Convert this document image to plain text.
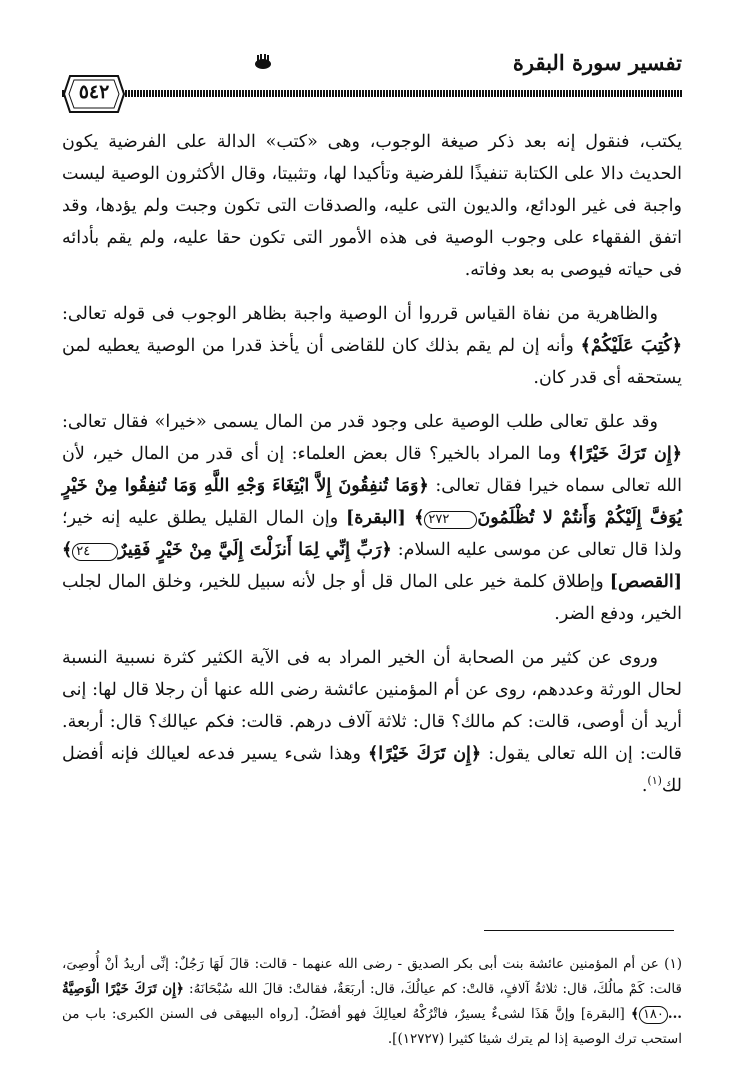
تفسير سورة البقرة
٥٤٢

يكتب، فنقول إنه بعد ذكر صيغة الوجوب، وهى «كتب» الدالة على الفرضية يكون الحديث دالا على الكتابة تنفيذًا للفرضية وتأكيدا لها، وتثبيتا، وقال الأكثرون الوصية ليست واجبة فى غير الودائع، والديون التى عليه، والصدقات التى تكون وجبت ولم يؤدها، وقد اتفق الفقهاء على وجوب الوصية فى هذه الأمور التى تكون حقا عليه، ولم يقم بأدائه فى حياته فيوصى به بعد وفاته.

والظاهرية من نفاة القياس قرروا أن الوصية واجبة بظاهر الوجوب فى قوله تعالى: ﴿كُتِبَ عَلَيْكُمْ﴾ وأنه إن لم يقم بذلك كان للقاضى أن يأخذ قدرا من الوصية يعطيه لمن يستحقه أى قدر كان.

وقد علق تعالى طلب الوصية على وجود قدر من المال يسمى «خيرا» فقال تعالى: ﴿إِن تَرَكَ خَيْرًا﴾ وما المراد بالخير؟ قال بعض العلماء: إن أى قدر من المال خير، لأن الله تعالى سماه خيرا فقال تعالى: ﴿وَمَا تُنفِقُونَ إِلاَّ ابْتِغَاءَ وَجْهِ اللَّهِ وَمَا تُنفِقُوا مِنْ خَيْرٍ يُوَفَّ إِلَيْكُمْ وَأَنتُمْ لا تُظْلَمُونَ٢٧٢﴾ [البقرة] وإن المال القليل يطلق عليه إنه خير؛ ولذا قال تعالى عن موسى عليه السلام: ﴿رَبِّ إِنِّي لِمَا أَنزَلْتَ إِلَيَّ مِنْ خَيْرٍ فَقِيرٌ٢٤﴾ [القصص] وإطلاق كلمة خير على المال قل أو جل لأنه سبيل للخير، وخلق المال لجلب الخير، ودفع الضر.

وروى عن كثير من الصحابة أن الخير المراد به فى الآية الكثير كثرة نسبية النسبة لحال الورثة وعددهم، روى عن أم المؤمنين عائشة رضى الله عنها أن رجلا قال لها: إنى أريد أن أوصى، قالت: كم مالك؟ قال: ثلاثة آلاف درهم. قالت: فكم عيالك؟ قال: أربعة. قالت: إن الله تعالى يقول: ﴿إِن تَرَكَ خَيْرًا﴾ وهذا شىء يسير فدعه لعيالك فإنه أفضل لك$^{(١)}$.

(١) عن أم المؤمنين عائشة بنت أبى بكر الصديق - رضى الله عنهما - قالت: قالَ لَهَا رَجُلٌ: إنِّى أريدُ أنْ أُوصِىَ، قالت: كَمْ مالُكَ، قال: ثلاثةُ آلافٍ، قالتْ: كم عيالُكَ، قال: أربَعَةٌ، فقالتْ: قالَ الله سُبْحَانَهُ: ﴿إِن تَرَكَ خَيْرًا الْوَصِيَّةُ ...١٨٠﴾ [البقرة] وإنَّ هَذَا لشىءٌ يسيرٌ، فاتْرُكْهُ لعيالِكَ فهو أفضَلُ. [رواه البيهقى فى السنن الكبرى: باب من استحب ترك الوصية إذا لم يترك شيئا كثيرا (١٢٧٢٧)].
